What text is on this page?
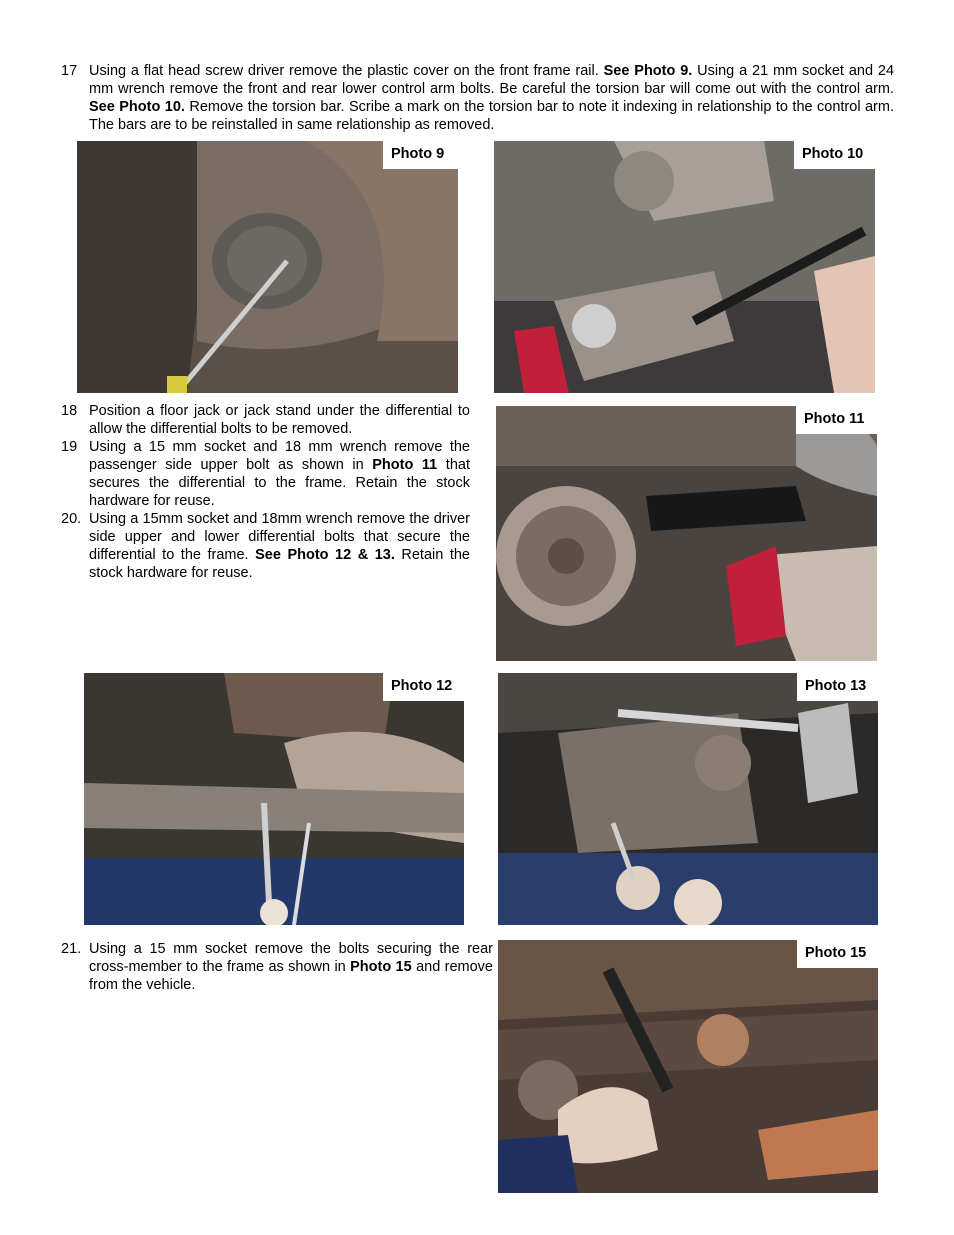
17 Using a flat head screw driver remove the plastic cover on the front frame rail. See Photo 9. Using a 21 mm socket and 24 mm wrench remove the front and rear lower control arm bolts. Be careful the torsion bar will come out with the control arm. See Photo 10. Remove the torsion bar. Scribe a mark on the torsion bar to note it indexing in relationship to the control arm. The bars are to be reinstalled in same relationship as removed.
Photo 9	Photo 10
18 Position a floor jack or jack stand under the differential to allow the differential bolts to be removed.
19 Using a 15 mm socket and 18 mm wrench remove the passenger side upper bolt as shown in Photo 11 that secures the differential to the frame. Retain the stock hardware for reuse.
20. Using a 15mm socket and 18mm wrench remove the driver side upper and lower differential bolts that secure the differential to the frame. See Photo 12 & 13. Retain the stock hardware for reuse.
Photo 11
Photo 12	Photo 13
21. Using a 15 mm socket remove the bolts securing the rear cross-member to the frame as shown in Photo 15 and remove from the vehicle.
Photo 15
